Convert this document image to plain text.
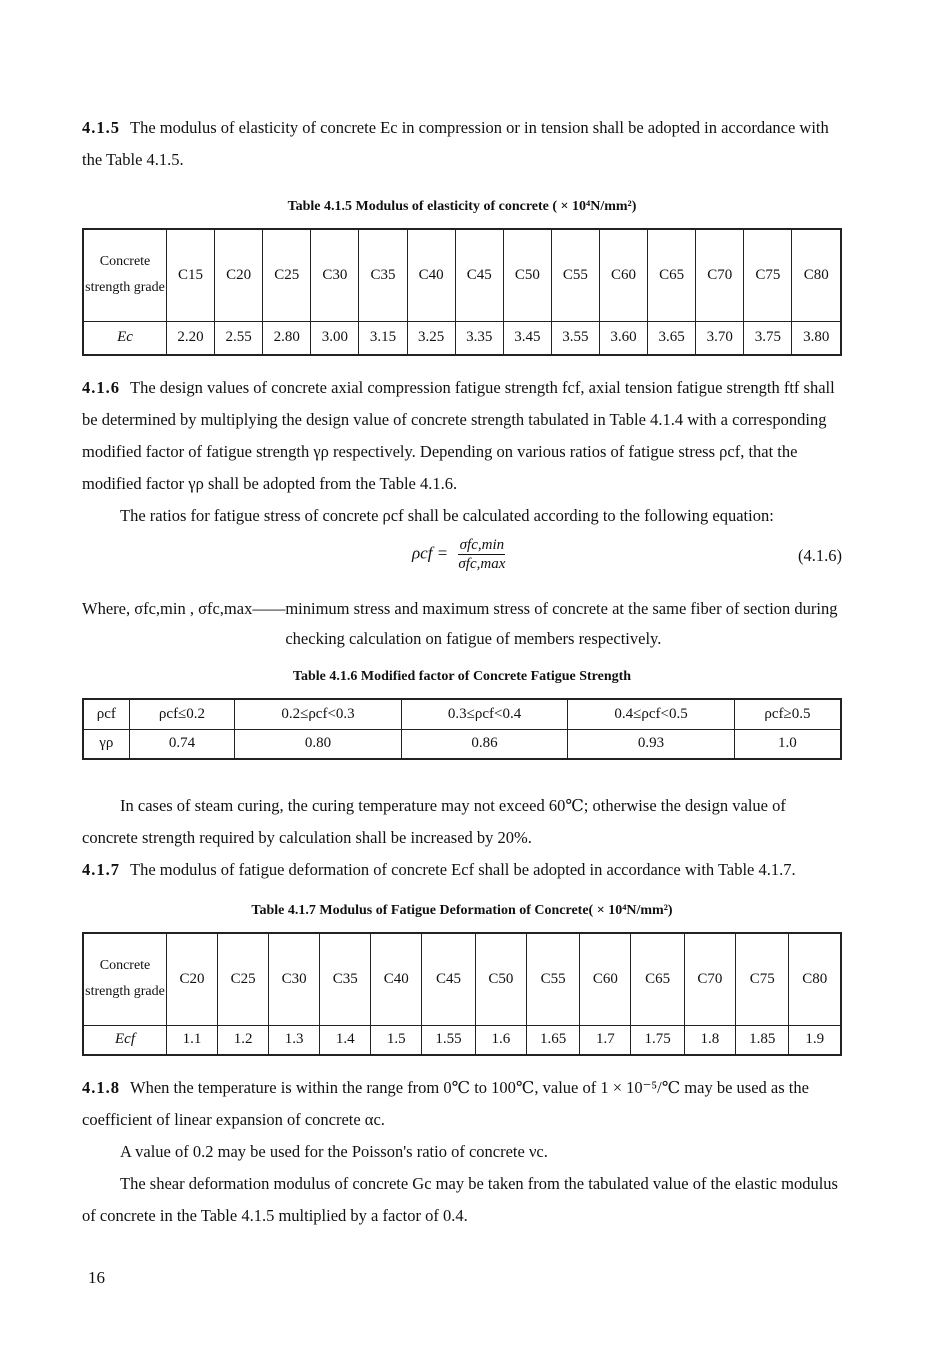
4.1.5 The modulus of elasticity of concrete Ec in compression or in tension shall be adopted in accordance with the Table 4.1.5.

Table 4.1.5 Modulus of elasticity of concrete ( × 10⁴N/mm²)

Concrete strength grade	C15	C20	C25	C30	C35	C40	C45	C50	C55	C60	C65	C70	C75	C80
Ec	2.20	2.55	2.80	3.00	3.15	3.25	3.35	3.45	3.55	3.60	3.65	3.70	3.75	3.80

4.1.6 The design values of concrete axial compression fatigue strength fcf, axial tension fatigue strength ftf shall be determined by multiplying the design value of concrete strength tabulated in Table 4.1.4 with a corresponding modified factor of fatigue strength γρ respectively. Depending on various ratios of fatigue stress ρcf, that the modified factor γρ shall be adopted from the Table 4.1.6.

The ratios for fatigue stress of concrete ρcf shall be calculated according to the following equation:

$\rho cf = \frac{\text{σfc,min}}{\text{σfc,max}}$	(4.1.6)
Where, σfc,min , σfc,max—— minimum stress and maximum stress of concrete at the same fiber of section during checking calculation on fatigue of members respectively.

Table 4.1.6 Modified factor of Concrete Fatigue Strength

ρcf	ρcf≤0.2	0.2≤ρcf<0.3	0.3≤ρcf<0.4	0.4≤ρcf<0.5	ρcf≥0.5
γρ	0.74	0.80	0.86	0.93	1.0

In cases of steam curing, the curing temperature may not exceed 60℃; otherwise the design value of concrete strength required by calculation shall be increased by 20%.

4.1.7 The modulus of fatigue deformation of concrete Ecf shall be adopted in accordance with Table 4.1.7.

Table 4.1.7 Modulus of Fatigue Deformation of Concrete( × 10⁴N/mm²)

Concrete strength grade	C20	C25	C30	C35	C40	C45	C50	C55	C60	C65	C70	C75	C80
Ecf	1.1	1.2	1.3	1.4	1.5	1.55	1.6	1.65	1.7	1.75	1.8	1.85	1.9

4.1.8 When the temperature is within the range from 0℃ to 100℃, value of 1 × 10⁻⁵/℃ may be used as the coefficient of linear expansion of concrete αc.

A value of 0.2 may be used for the Poisson's ratio of concrete νc.

The shear deformation modulus of concrete Gc may be taken from the tabulated value of the elastic modulus of concrete in the Table 4.1.5 multiplied by a factor of 0.4.

16
